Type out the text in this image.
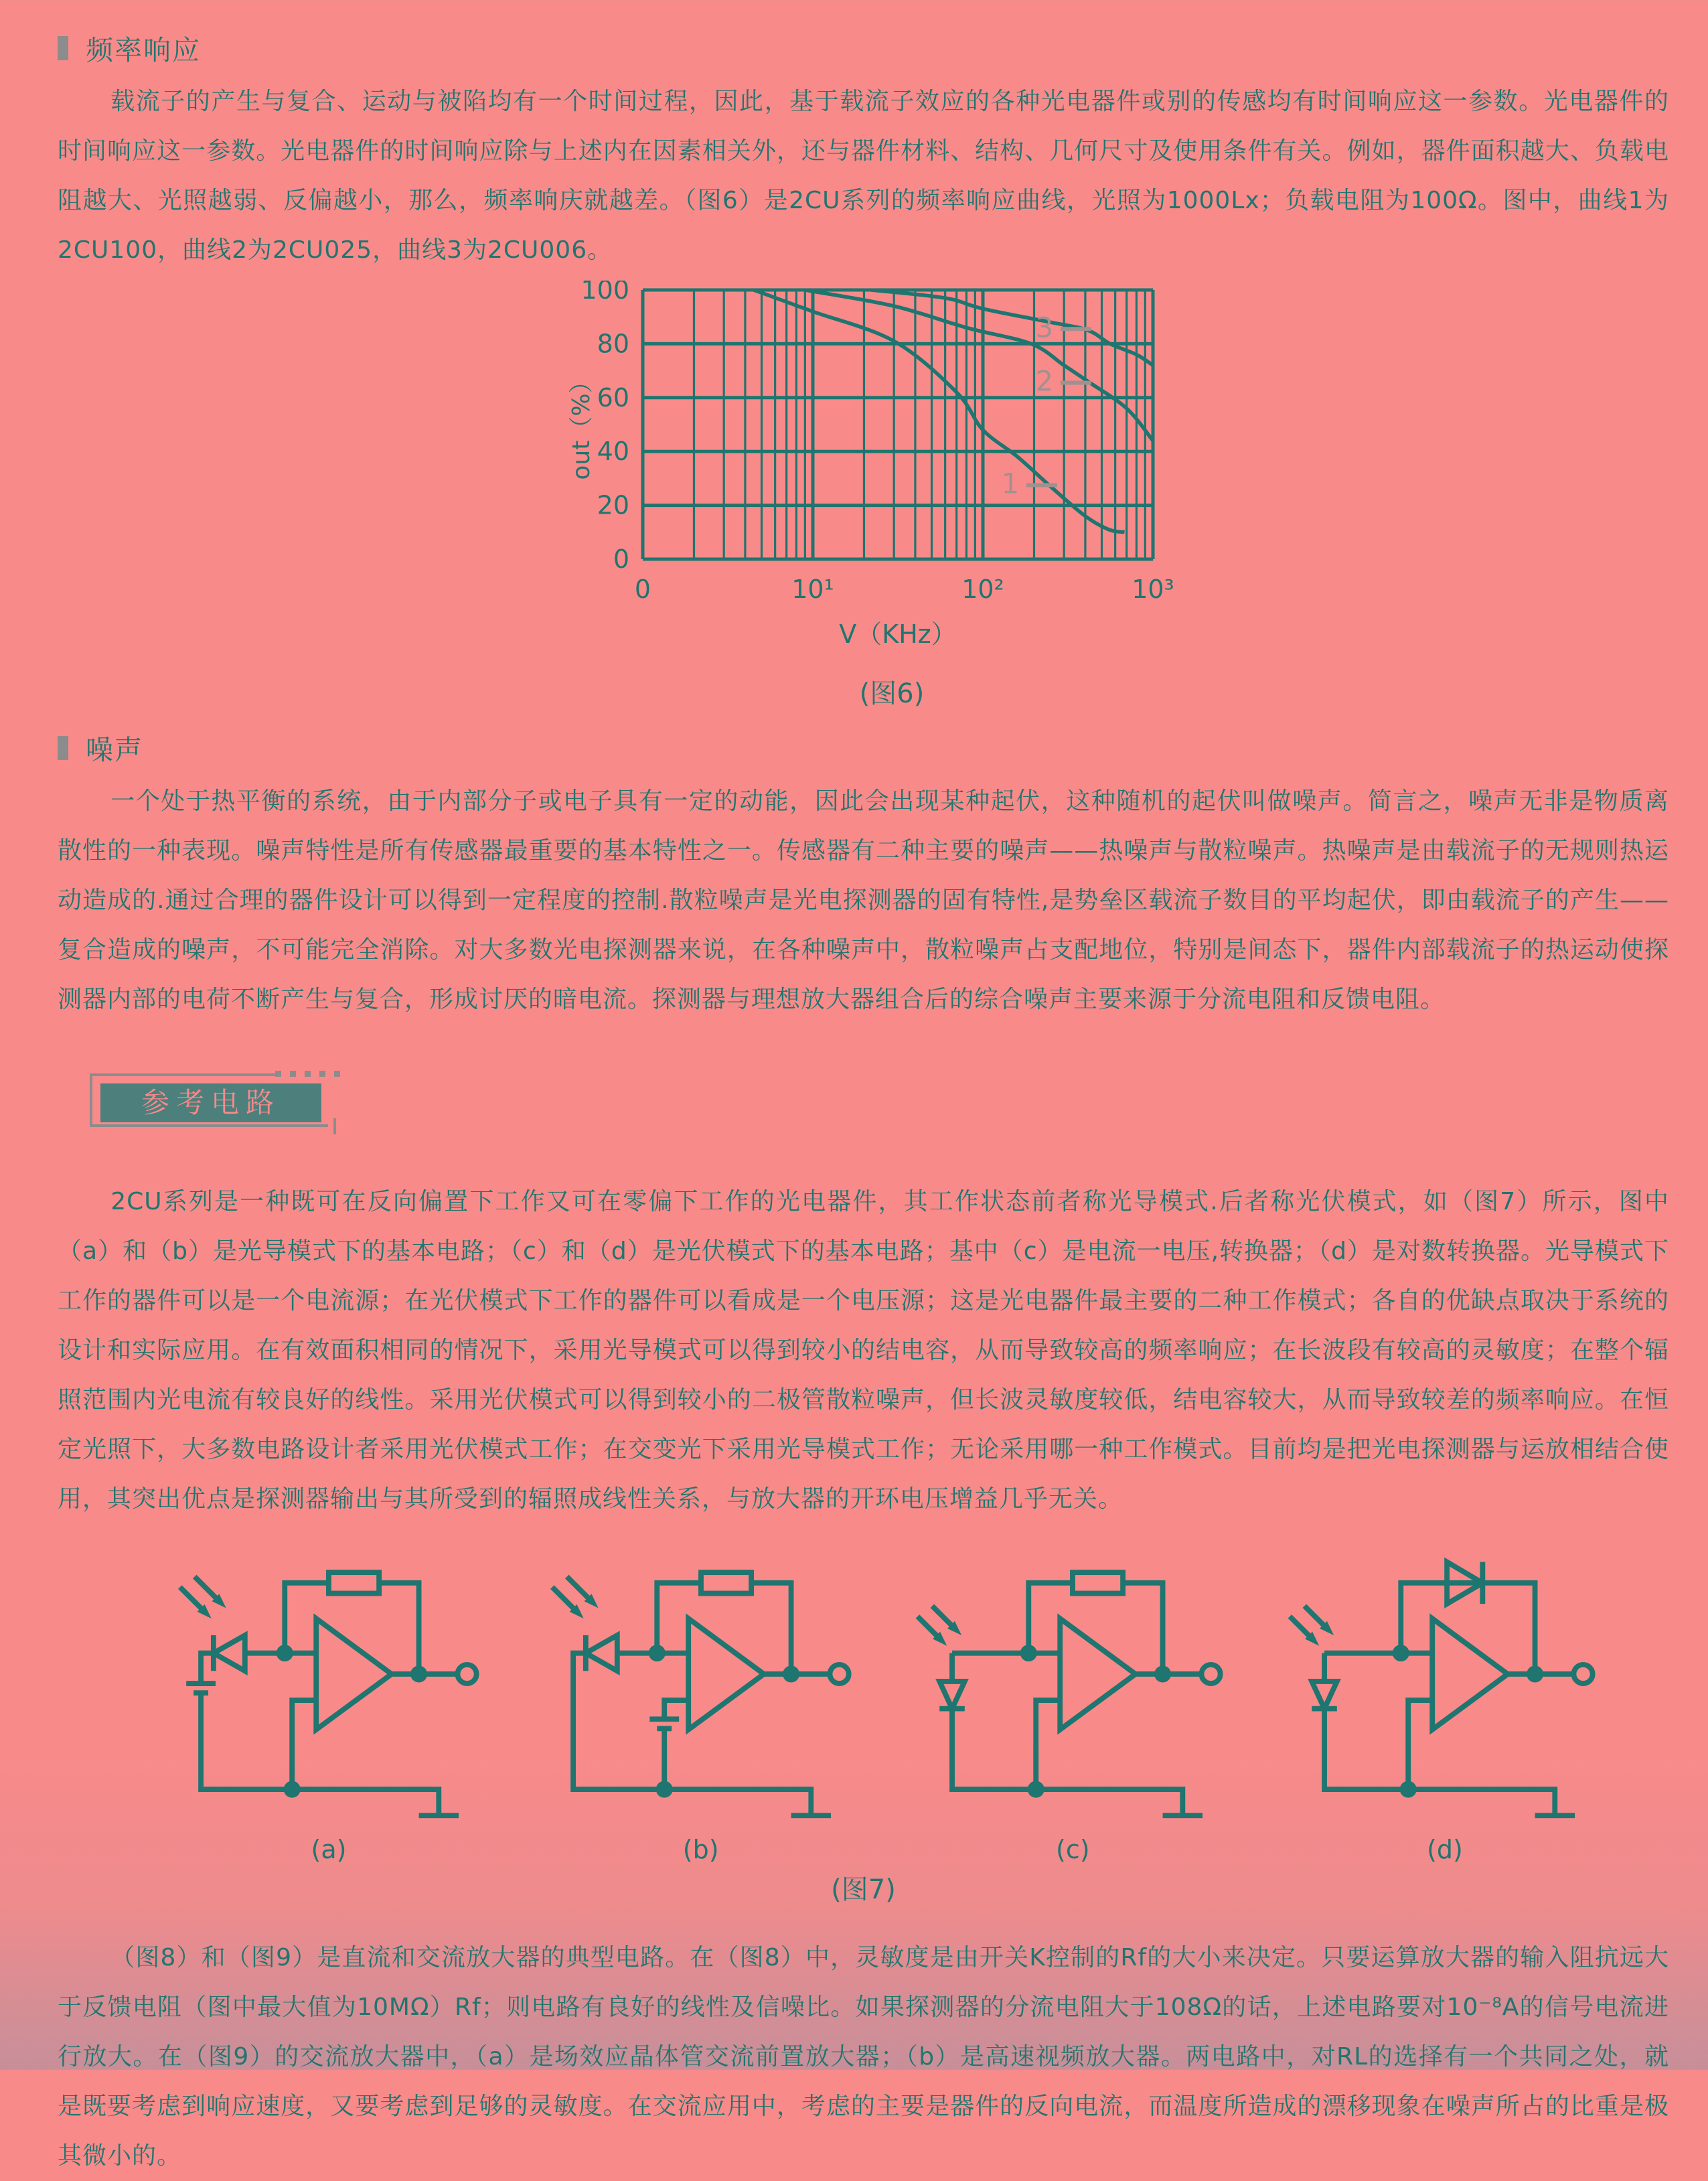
频率响应

载流子的产生与复合、运动与被陷均有一个时间过程，因此，基于载流子效应的各种光电器件或别的传感均有时间响应这一参数。光电器件的时间响应这一参数。光电器件的时间响应除与上述内在因素相关外，还与器件材料、结构、几何尺寸及使用条件有关。例如，器件面积越大、负载电阻越大、光照越弱、反偏越小，那么，频率响庆就越差。（图6）是2CU系列的频率响应曲线，光照为1000Lx；负载电阻为100Ω。图中，曲线1为2CU100，曲线2为2CU025，曲线3为2CU006。

0
20
40
60
80
100
0	10¹	10²	10³
V（KHz）
out（%）
1
2
3
(图6)
噪声

一个处于热平衡的系统，由于内部分子或电子具有一定的动能，因此会出现某种起伏，这种随机的起伏叫做噪声。简言之，噪声无非是物质离散性的一种表现。噪声特性是所有传感器最重要的基本特性之一。传感器有二种主要的噪声——热噪声与散粒噪声。热噪声是由载流子的无规则热运动造成的.通过合理的器件设计可以得到一定程度的控制.散粒噪声是光电探测器的固有特性,是势垒区载流子数目的平均起伏，即由载流子的产生——复合造成的噪声，不可能完全消除。对大多数光电探测器来说，在各种噪声中，散粒噪声占支配地位，特别是间态下，器件内部载流子的热运动使探测器内部的电荷不断产生与复合，形成讨厌的暗电流。探测器与理想放大器组合后的综合噪声主要来源于分流电阻和反馈电阻。

参考电路

2CU系列是一种既可在反向偏置下工作又可在零偏下工作的光电器件，其工作状态前者称光导模式.后者称光伏模式，如（图7）所示，图中（a）和（b）是光导模式下的基本电路；（c）和（d）是光伏模式下的基本电路；基中（c）是电流一电压,转换器；（d）是对数转换器。光导模式下工作的器件可以是一个电流源；在光伏模式下工作的器件可以看成是一个电压源；这是光电器件最主要的二种工作模式；各自的优缺点取决于系统的设计和实际应用。在有效面积相同的情况下，采用光导模式可以得到较小的结电容，从而导致较高的频率响应；在长波段有较高的灵敏度；在整个辐照范围内光电流有较良好的线性。采用光伏模式可以得到较小的二极管散粒噪声，但长波灵敏度较低，结电容较大，从而导致较差的频率响应。在恒定光照下，大多数电路设计者采用光伏模式工作；在交变光下采用光导模式工作；无论采用哪一种工作模式。目前均是把光电探测器与运放相结合使用，其突出优点是探测器输出与其所受到的辐照成线性关系，与放大器的开环电压增益几乎无关。

(a)	(b)	(c)	(d)
(图7)

（图8）和（图9）是直流和交流放大器的典型电路。在（图8）中，灵敏度是由开关K控制的Rf的大小来决定。只要运算放大器的输入阻抗远大于反馈电阻（图中最大值为10MΩ）Rf；则电路有良好的线性及信噪比。如果探测器的分流电阻大于108Ω的话，上述电路要对10⁻⁸A的信号电流进行放大。在（图9）的交流放大器中，（a）是场效应晶体管交流前置放大器；（b）是高速视频放大器。两电路中，对RL的选择有一个共同之处，就是既要考虑到响应速度，又要考虑到足够的灵敏度。在交流应用中，考虑的主要是器件的反向电流，而温度所造成的漂移现象在噪声所占的比重是极其微小的。
